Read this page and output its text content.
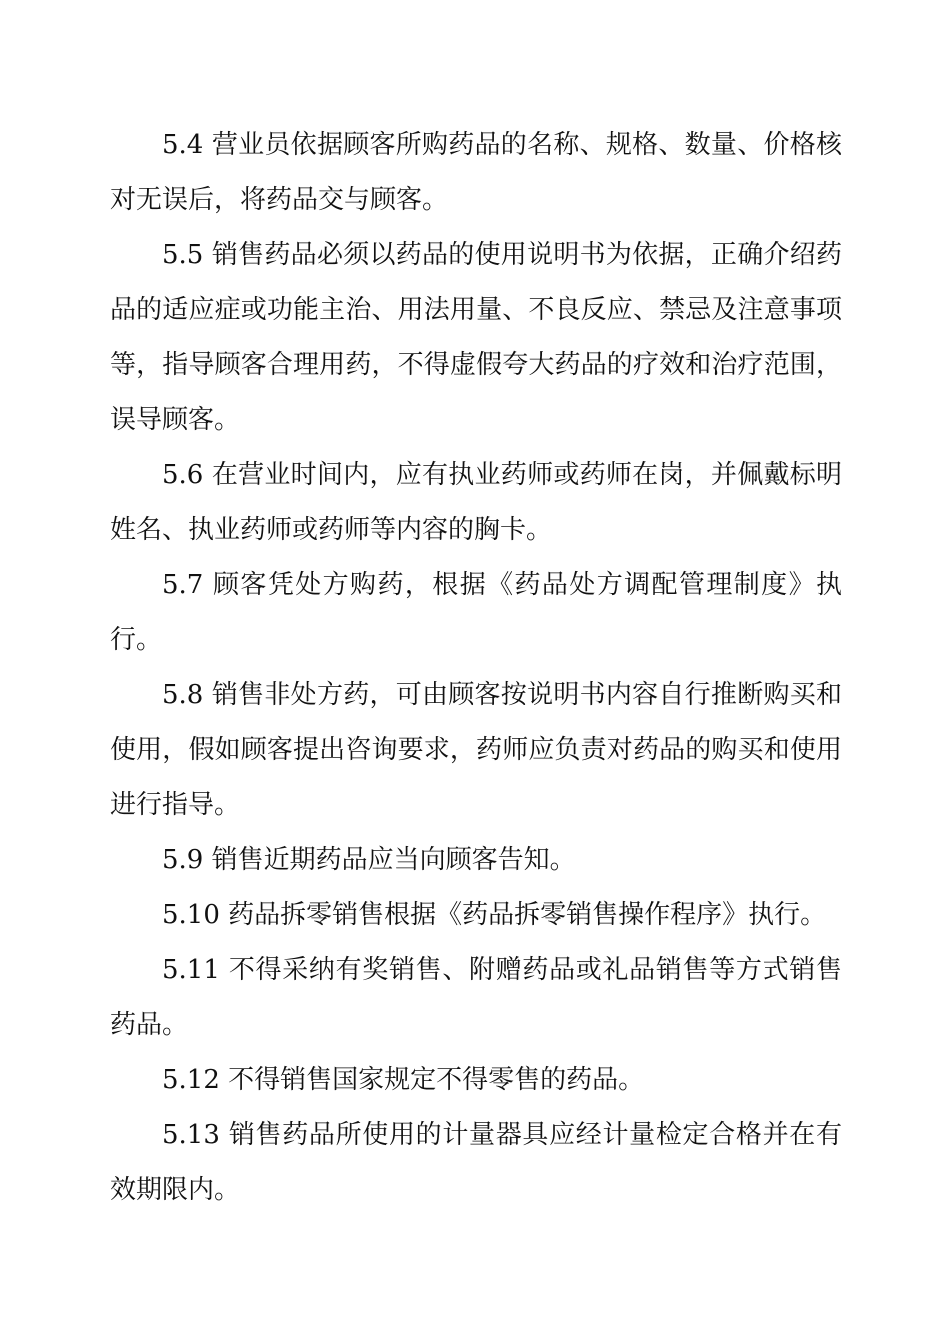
5.4 营业员依据顾客所购药品的名称、规格、数量、价格核对无误后，将药品交与顾客。

5.5 销售药品必须以药品的使用说明书为依据，正确介绍药品的适应症或功能主治、用法用量、不良反应、禁忌及注意事项等，指导顾客合理用药，不得虚假夸大药品的疗效和治疗范围，误导顾客。

5.6 在营业时间内，应有执业药师或药师在岗，并佩戴标明姓名、执业药师或药师等内容的胸卡。

5.7 顾客凭处方购药，根据《药品处方调配管理制度》执行。

5.8 销售非处方药，可由顾客按说明书内容自行推断购买和使用，假如顾客提出咨询要求，药师应负责对药品的购买和使用进行指导。

5.9 销售近期药品应当向顾客告知。

5.10 药品拆零销售根据《药品拆零销售操作程序》执行。

5.11 不得采纳有奖销售、附赠药品或礼品销售等方式销售药品。

5.12 不得销售国家规定不得零售的药品。

5.13 销售药品所使用的计量器具应经计量检定合格并在有效期限内。
